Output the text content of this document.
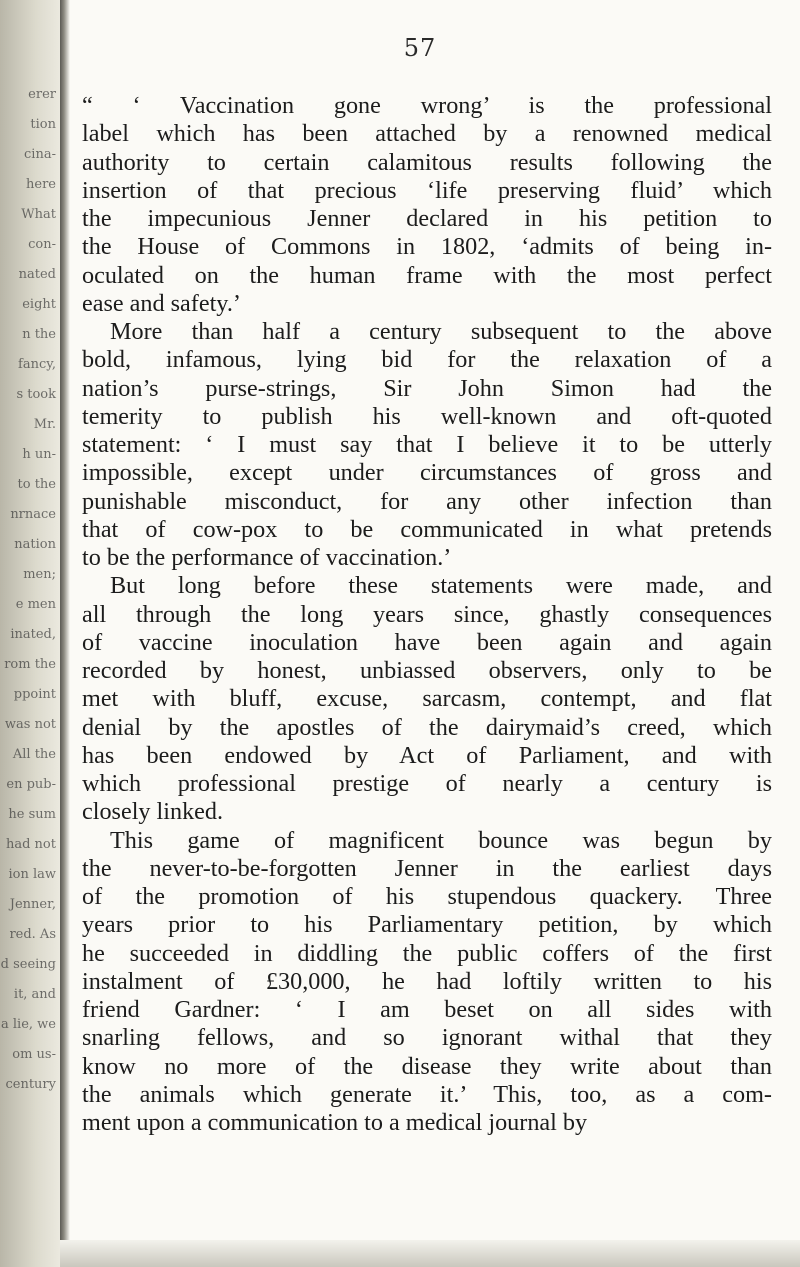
erer
tion
cina-
here
What
con-
nated
eight
n the
fancy,
s took
Mr.
h un-
to the
nrnace
nation
men;
e men
inated,
rom the
ppoint
was not
All the
en pub-
he sum
had not
ion law
Jenner,
red. As
d seeing
it, and
a lie, we
om us-
century
57
“ ‘ Vaccination gone wrong’ is the professional
label which has been attached by a renowned medical
authority to certain calamitous results following the
insertion of that precious ‘life preserving fluid’ which
the impecunious Jenner declared in his petition to
the House of Commons in 1802, ‘admits of being in-
oculated on the human frame with the most perfect
ease and safety.’
More than half a century subsequent to the above
bold, infamous, lying bid for the relaxation of a
nation’s purse-strings, Sir John Simon had the
temerity to publish his well-known and oft-quoted
statement: ‘ I must say that I believe it to be utterly
impossible, except under circumstances of gross and
punishable misconduct, for any other infection than
that of cow-pox to be communicated in what pretends
to be the performance of vaccination.’
But long before these statements were made, and
all through the long years since, ghastly consequences
of vaccine inoculation have been again and again
recorded by honest, unbiassed observers, only to be
met with bluff, excuse, sarcasm, contempt, and flat
denial by the apostles of the dairymaid’s creed, which
has been endowed by Act of Parliament, and with
which professional prestige of nearly a century is
closely linked.
This game of magnificent bounce was begun by
the never-to-be-forgotten Jenner in the earliest days
of the promotion of his stupendous quackery. Three
years prior to his Parliamentary petition, by which
he succeeded in diddling the public coffers of the first
instalment of £30,000, he had loftily written to his
friend Gardner: ‘ I am beset on all sides with
snarling fellows, and so ignorant withal that they
know no more of the disease they write about than
the animals which generate it.’ This, too, as a com-
ment upon a communication to a medical journal by
